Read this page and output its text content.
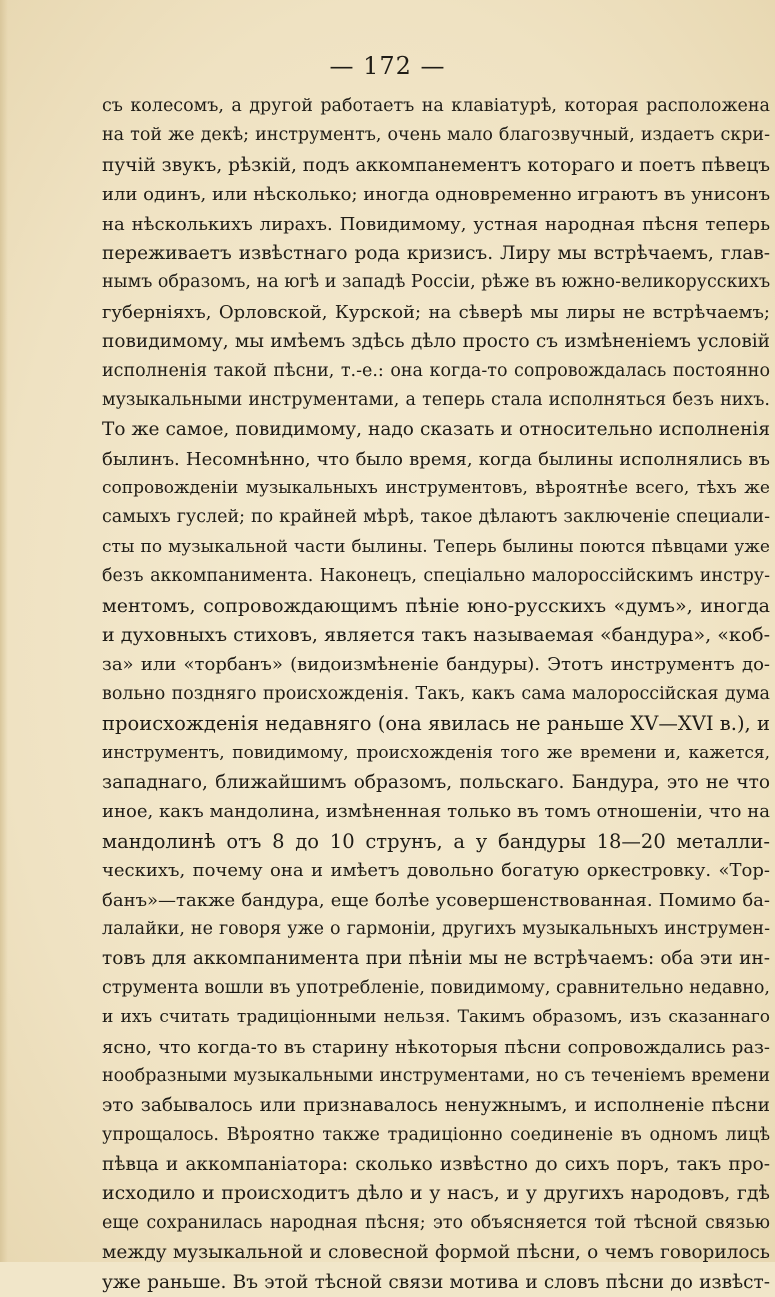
— 172 —
съ колесомъ, а другой работаетъ на клавіатурѣ, которая расположена
на той же декѣ; инструментъ, очень мало благозвучный, издаетъ скри-
пучій звукъ, рѣзкій, подъ аккомпанементъ котораго и поетъ пѣвецъ
или одинъ, или нѣсколько; иногда одновременно играютъ въ унисонъ
на нѣсколькихъ лирахъ. Повидимому, устная народная пѣсня теперь
переживаетъ извѣстнаго рода кризисъ. Лиру мы встрѣчаемъ, глав-
нымъ образомъ, на югѣ и западѣ Россіи, рѣже въ южно-великорусскихъ
губерніяхъ, Орловской, Курской; на сѣверѣ мы лиры не встрѣчаемъ;
повидимому, мы имѣемъ здѣсь дѣло просто съ измѣненіемъ условій
исполненія такой пѣсни, т.-е.: она когда-то сопровождалась постоянно
музыкальными инструментами, а теперь стала исполняться безъ нихъ.
То же самое, повидимому, надо сказать и относительно исполненія
былинъ. Несомнѣнно, что было время, когда былины исполнялись въ
сопровожденіи музыкальныхъ инструментовъ, вѣроятнѣе всего, тѣхъ же
самыхъ гуслей; по крайней мѣрѣ, такое дѣлаютъ заключеніе специали-
сты по музыкальной части былины. Теперь былины поются пѣвцами уже
безъ аккомпанимента. Наконецъ, спеціально малороссійскимъ инстру-
ментомъ, сопровождающимъ пѣніе юно-русскихъ «думъ», иногда
и духовныхъ стиховъ, является такъ называемая «бандура», «коб-
за» или «торбанъ» (видоизмѣненіе бандуры). Этотъ инструментъ до-
вольно поздняго происхожденія. Такъ, какъ сама малороссійская дума
происхожденія недавняго (она явилась не раньше XV—XVI в.), и
инструментъ, повидимому, происхожденія того же времени и, кажется,
западнаго, ближайшимъ образомъ, польскаго. Бандура, это не что
иное, какъ мандолина, измѣненная только въ томъ отношеніи, что на
мандолинѣ отъ 8 до 10 струнъ, а у бандуры 18—20 металли-
ческихъ, почему она и имѣетъ довольно богатую оркестровку. «Тор-
банъ»—также бандура, еще болѣе усовершенствованная. Помимо ба-
лалайки, не говоря уже о гармоніи, другихъ музыкальныхъ инструмен-
товъ для аккомпанимента при пѣніи мы не встрѣчаемъ: оба эти ин-
струмента вошли въ употребленіе, повидимому, сравнительно недавно,
и ихъ считать традиціонными нельзя. Такимъ образомъ, изъ сказаннаго
ясно, что когда-то въ старину нѣкоторыя пѣсни сопровождались раз-
нообразными музыкальными инструментами, но съ теченіемъ времени
это забывалось или признавалось ненужнымъ, и исполненіе пѣсни
упрощалось. Вѣроятно также традиціонно соединеніе въ одномъ лицѣ
пѣвца и аккомпаніатора: сколько извѣстно до сихъ поръ, такъ про-
исходило и происходитъ дѣло и у насъ, и у другихъ народовъ, гдѣ
еще сохранилась народная пѣсня; это объясняется той тѣсной связью
между музыкальной и словесной формой пѣсни, о чемъ говорилось
уже раньше. Въ этой тѣсной связи мотива и словъ пѣсни до извѣст-
